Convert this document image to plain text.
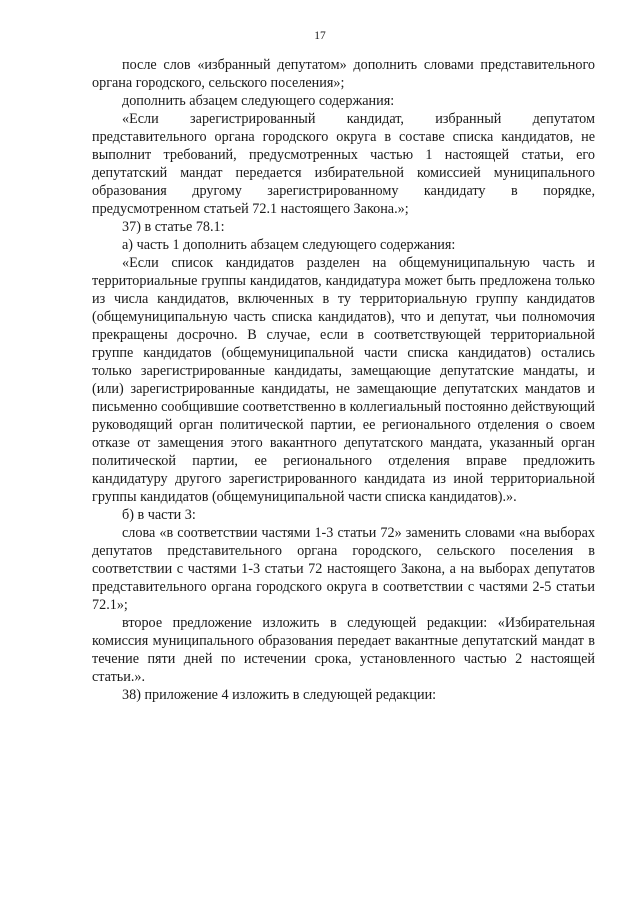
17

после слов «избранный депутатом» дополнить словами представительного органа городского, сельского поселения»;

дополнить абзацем следующего содержания:

«Если зарегистрированный кандидат, избранный депутатом представительного органа городского округа в составе списка кандидатов, не выполнит требований, предусмотренных частью 1 настоящей статьи, его депутатский мандат передается избирательной комиссией муниципального образования другому зарегистрированному кандидату в порядке, предусмотренном статьей 72.1 настоящего Закона.»;

37) в статье 78.1:

а) часть 1 дополнить абзацем следующего содержания:

«Если список кандидатов разделен на общемуниципальную часть и территориальные группы кандидатов, кандидатура может быть предложена только из числа кандидатов, включенных в ту территориальную группу кандидатов (общемуниципальную часть списка кандидатов), что и депутат, чьи полномочия прекращены досрочно. В случае, если в соответствующей территориальной группе кандидатов (общемуниципальной части списка кандидатов) остались только зарегистрированные кандидаты, замещающие депутатские мандаты, и (или) зарегистрированные кандидаты, не замещающие депутатских мандатов и письменно сообщившие соответственно в коллегиальный постоянно действующий руководящий орган политической партии, ее регионального отделения о своем отказе от замещения этого вакантного депутатского мандата, указанный орган политической партии, ее регионального отделения вправе предложить кандидатуру другого зарегистрированного кандидата из иной территориальной группы кандидатов (общемуниципальной части списка кандидатов).».

б) в части 3:

слова «в соответствии частями 1-3 статьи 72» заменить словами «на выборах депутатов представительного органа городского, сельского поселения в соответствии с частями 1-3 статьи 72 настоящего Закона, а на выборах депутатов представительного органа городского округа в соответствии с частями 2-5 статьи 72.1»;

второе предложение изложить в следующей редакции: «Избирательная комиссия муниципального образования передает вакантные депутатский мандат в течение пяти дней по истечении срока, установленного частью 2 настоящей статьи.».

38) приложение 4 изложить в следующей редакции:
